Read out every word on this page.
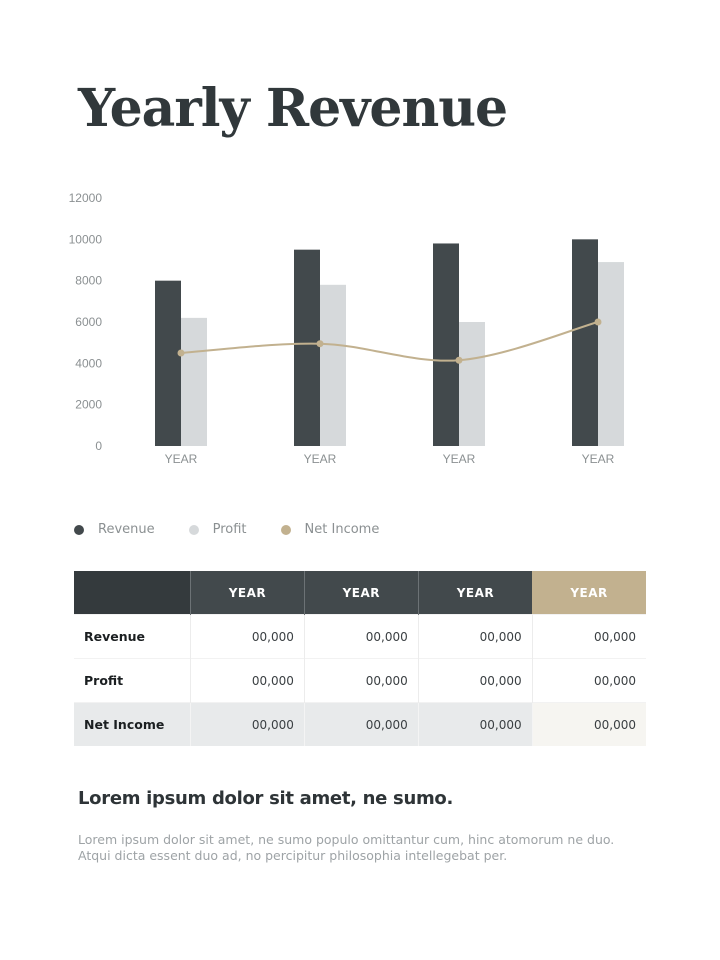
Yearly Revenue
0
2000
4000
6000
8000
10000
12000
YEAR	YEAR	YEAR	YEAR
Revenue	Profit	Net Income
	YEAR	YEAR	YEAR	YEAR
Revenue	00,000	00,000	00,000	00,000
Profit	00,000	00,000	00,000	00,000
Net Income	00,000	00,000	00,000	00,000
Lorem ipsum dolor sit amet, ne sumo.

Lorem ipsum dolor sit amet, ne sumo populo omittantur cum, hinc atomorum ne duo. Atqui dicta essent duo ad, no percipitur philosophia intellegebat per.
